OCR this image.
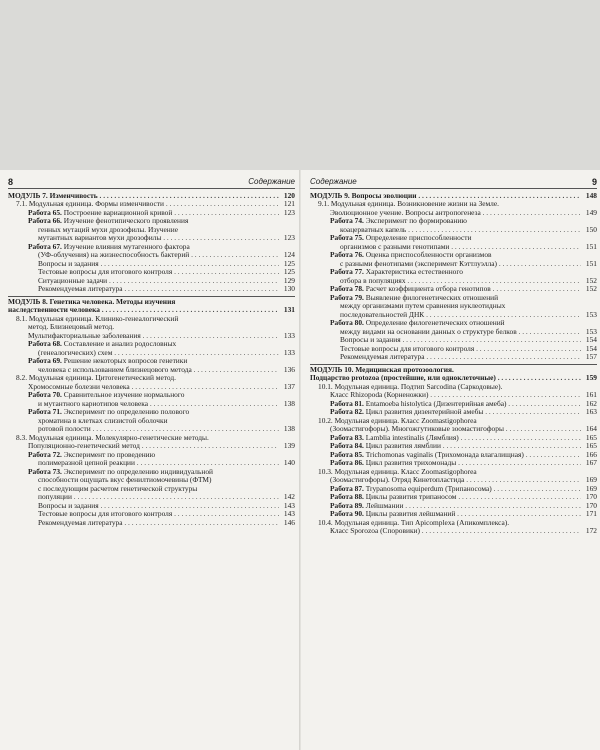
8	Содержание
МОДУЛЬ 7. Изменчивость . . .	120
7.1. Модульная единица. Формы изменчивости . . .	121
Работа 65. Построение вариационной кривой . . .	123
Работа 66. Изучение фенотипического проявления
генных мутаций мухи дрозофилы. Изучение
мутантных вариантов мухи дрозофилы . . .	123
Работа 67. Изучение влияния мутагенного фактора
(УФ-облучения) на жизнеспособность бактерий . . .	124
Вопросы и задания . . .	125
Тестовые вопросы для итогового контроля . . .	125
Ситуационные задачи . . .	129
Рекомендуемая литература . . .	130
МОДУЛЬ 8. Генетика человека. Методы изучения
наследственности человека . . .	131
8.1. Модульная единица. Клинико-генеалогический
метод. Близнецовый метод.
Мультифакториальные заболевания . . .	133
Работа 68. Составление и анализ родословных
(генеалогических) схем . . .	133
Работа 69. Решение некоторых вопросов генетики
человека с использованием близнецового метода . . .	136
8.2. Модульная единица. Цитогенетический метод.
Хромосомные болезни человека . . .	137
Работа 70. Сравнительное изучение нормального
и мутантного кариотипов человека . . .	138
Работа 71. Эксперимент по определению полового
хроматина в клетках слизистой оболочки
ротовой полости . . .	138
8.3. Модульная единица. Молекулярно-генетические методы.
Популяционно-генетический метод . . .	139
Работа 72. Эксперимент по проведению
полимеразной цепной реакции . . .	140
Работа 73. Эксперимент по определению индивидуальной
способности ощущать вкус фенилтиомочевины (ФТМ)
с последующим расчетом генетической структуры
популяции . . .	142
Вопросы и задания . . .	143
Тестовые вопросы для итогового контроля . . .	143
Рекомендуемая литература . . .	146
Содержание	9
МОДУЛЬ 9. Вопросы эволюции . . .	148
9.1. Модульная единица. Возникновение жизни на Земле.
Эволюционное учение. Вопросы антропогенеза . . .	149
Работа 74. Эксперимент по формированию
коацерватных капель . . .	150
Работа 75. Определение приспособленности
организмов с разными генотипами . . .	151
Работа 76. Оценка приспособленности организмов
с разными фенотипами (эксперимент Кэттлуэлла) . . .	151
Работа 77. Характеристика естественного
отбора в популяциях . . .	152
Работа 78. Расчет коэффициента отбора генотипов . . .	152
Работа 79. Выявление филогенетических отношений
между организмами путем сравнения нуклеотидных
последовательностей ДНК . . .	153
Работа 80. Определение филогенетических отношений
между видами на основании данных о структуре белков . . .	153
Вопросы и задания . . .	154
Тестовые вопросы для итогового контроля . . .	154
Рекомендуемая литература . . .	157
МОДУЛЬ 10. Медицинская протозоология.
Подцарство protozoa (простейшие, или одноклеточные) . . .	159
10.1. Модульная единица. Подтип Sarcodina (Саркодовые).
Класс Rhizopoda (Корненожки) . . .	161
Работа 81. Entamoeba histolytica (Дизентерийная амеба) . . .	162
Работа 82. Цикл развития дизентерийной амебы . . .	163
10.2. Модульная единица. Класс Zoomastigophorea
(Зоомастигофоры). Многожгутиковые зоомастигофоры . . .	164
Работа 83. Lamblia intestinalis (Лямблия) . . .	165
Работа 84. Цикл развития лямблии . . .	165
Работа 85. Trichomonas vaginalis (Трихомонада влагалищная) . . .	166
Работа 86. Цикл развития трихомонады . . .	167
10.3. Модульная единица. Класс Zoomastigophorea
(Зоомастигофоры). Отряд Кинетопластида . . .	169
Работа 87. Trypanosoma equiperdum (Трипаносома) . . .	169
Работа 88. Циклы развития трипаносом . . .	170
Работа 89. Лейшмании . . .	170
Работа 90. Циклы развития лейшманий . . .	171
10.4. Модульная единица. Тип Apicomplexa (Апикомплекса).
Класс Sporozoa (Споровики) . . .	172
